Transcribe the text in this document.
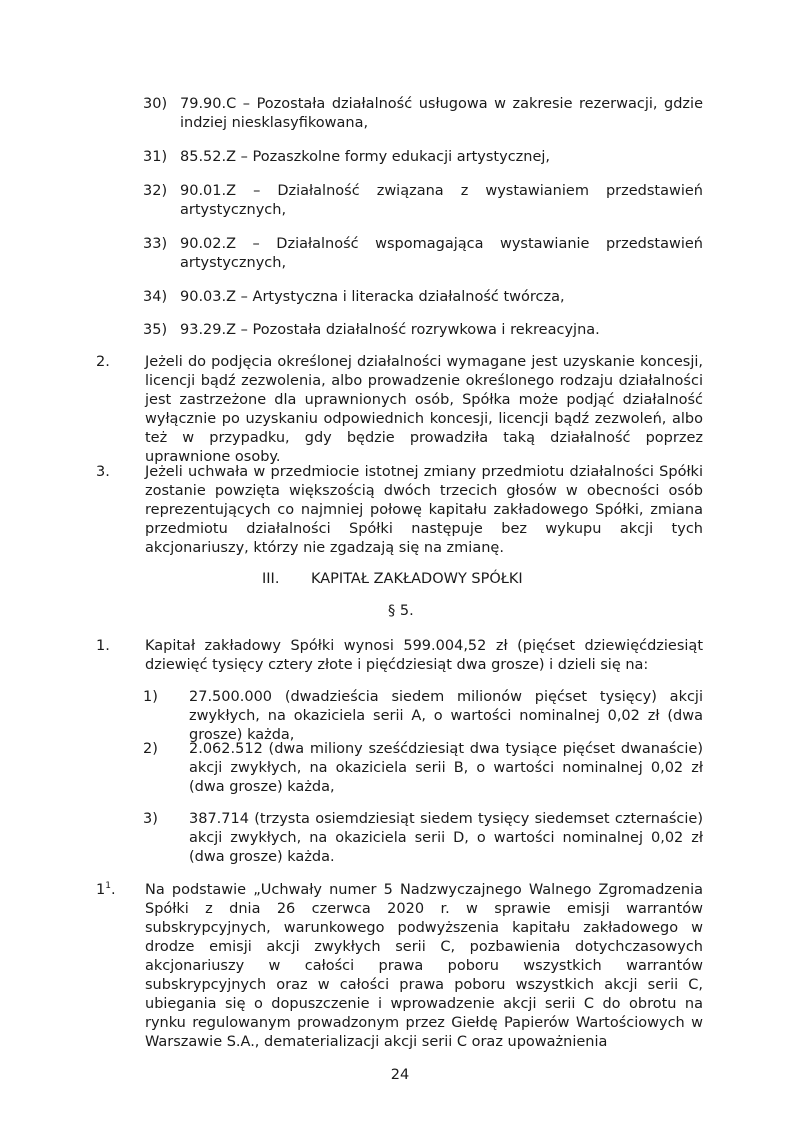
30) 79.90.C – Pozostała działalność usługowa w zakresie rezerwacji, gdzie indziej niesklasyfikowana,
31) 85.52.Z – Pozaszkolne formy edukacji artystycznej,
32) 90.01.Z – Działalność związana z wystawianiem przedstawień artystycznych,
33) 90.02.Z – Działalność wspomagająca wystawianie przedstawień artystycznych,
34) 90.03.Z – Artystyczna i literacka działalność twórcza,
35) 93.29.Z – Pozostała działalność rozrywkowa i rekreacyjna.
2. Jeżeli do podjęcia określonej działalności wymagane jest uzyskanie koncesji, licencji bądź zezwolenia, albo prowadzenie określonego rodzaju działalności jest zastrzeżone dla uprawnionych osób, Spółka może podjąć działalność wyłącznie po uzyskaniu odpowiednich koncesji, licencji bądź zezwoleń, albo też w przypadku, gdy będzie prowadziła taką działalność poprzez uprawnione osoby.
3. Jeżeli uchwała w przedmiocie istotnej zmiany przedmiotu działalności Spółki zostanie powzięta większością dwóch trzecich głosów w obecności osób reprezentujących co najmniej połowę kapitału zakładowego Spółki, zmiana przedmiotu działalności Spółki następuje bez wykupu akcji tych akcjonariuszy, którzy nie zgadzają się na zmianę.
III. KAPITAŁ ZAKŁADOWY SPÓŁKI
§ 5.
1. Kapitał zakładowy Spółki wynosi 599.004,52 zł (pięćset dziewięćdziesiąt dziewięć tysięcy cztery złote i pięćdziesiąt dwa grosze) i dzieli się na:
1) 27.500.000 (dwadzieścia siedem milionów pięćset tysięcy) akcji zwykłych, na okaziciela serii A, o wartości nominalnej 0,02 zł (dwa grosze) każda,
2) 2.062.512 (dwa miliony sześćdziesiąt dwa tysiące pięćset dwanaście) akcji zwykłych, na okaziciela serii B, o wartości nominalnej 0,02 zł (dwa grosze) każda,
3) 387.714 (trzysta osiemdziesiąt siedem tysięcy siedemset czternaście) akcji zwykłych, na okaziciela serii D, o wartości nominalnej 0,02 zł (dwa grosze) każda.
$1^1$. Na podstawie „Uchwały numer 5 Nadzwyczajnego Walnego Zgromadzenia Spółki z dnia 26 czerwca 2020 r. w sprawie emisji warrantów subskrypcyjnych, warunkowego podwyższenia kapitału zakładowego w drodze emisji akcji zwykłych serii C, pozbawienia dotychczasowych akcjonariuszy w całości prawa poboru wszystkich warrantów subskrypcyjnych oraz w całości prawa poboru wszystkich akcji serii C, ubiegania się o dopuszczenie i wprowadzenie akcji serii C do obrotu na rynku regulowanym prowadzonym przez Giełdę Papierów Wartościowych w Warszawie S.A., dematerializacji akcji serii C oraz upoważnienia
24
